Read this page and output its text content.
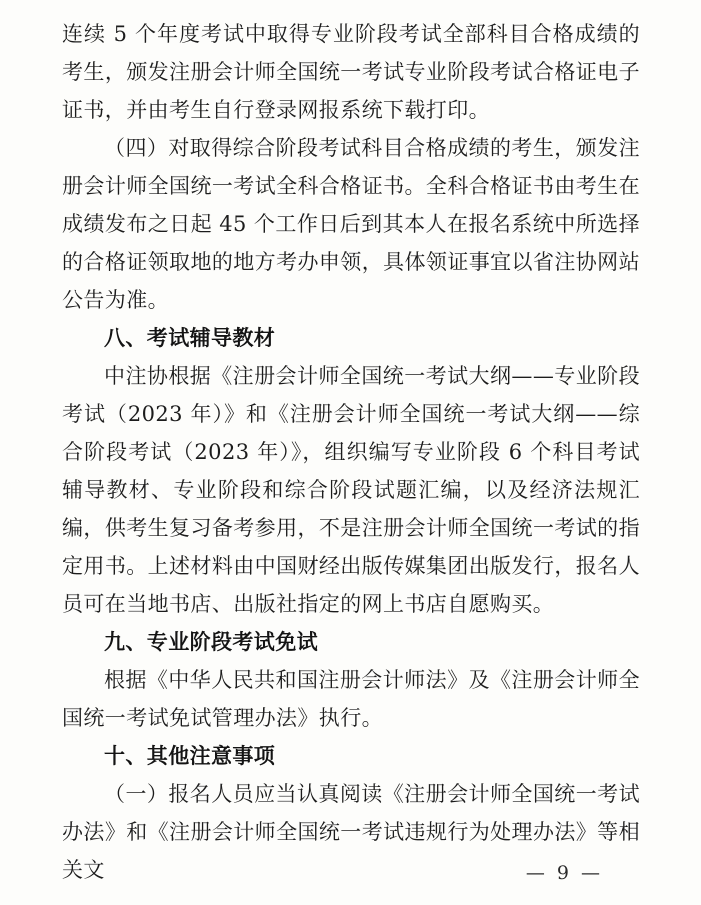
连续 5 个年度考试中取得专业阶段考试全部科目合格成绩的考生，颁发注册会计师全国统一考试专业阶段考试合格证电子证书，并由考生自行登录网报系统下载打印。

（四）对取得综合阶段考试科目合格成绩的考生，颁发注册会计师全国统一考试全科合格证书。全科合格证书由考生在成绩发布之日起 45 个工作日后到其本人在报名系统中所选择的合格证领取地的地方考办申领，具体领证事宜以省注协网站公告为准。

八、考试辅导教材

中注协根据《注册会计师全国统一考试大纲——专业阶段考试（2023 年）》和《注册会计师全国统一考试大纲——综合阶段考试（2023 年）》，组织编写专业阶段 6 个科目考试辅导教材、专业阶段和综合阶段试题汇编，以及经济法规汇编，供考生复习备考参用，不是注册会计师全国统一考试的指定用书。上述材料由中国财经出版传媒集团出版发行，报名人员可在当地书店、出版社指定的网上书店自愿购买。

九、专业阶段考试免试

根据《中华人民共和国注册会计师法》及《注册会计师全国统一考试免试管理办法》执行。

十、其他注意事项

（一）报名人员应当认真阅读《注册会计师全国统一考试办法》和《注册会计师全国统一考试违规行为处理办法》等相关文	— 9 —
